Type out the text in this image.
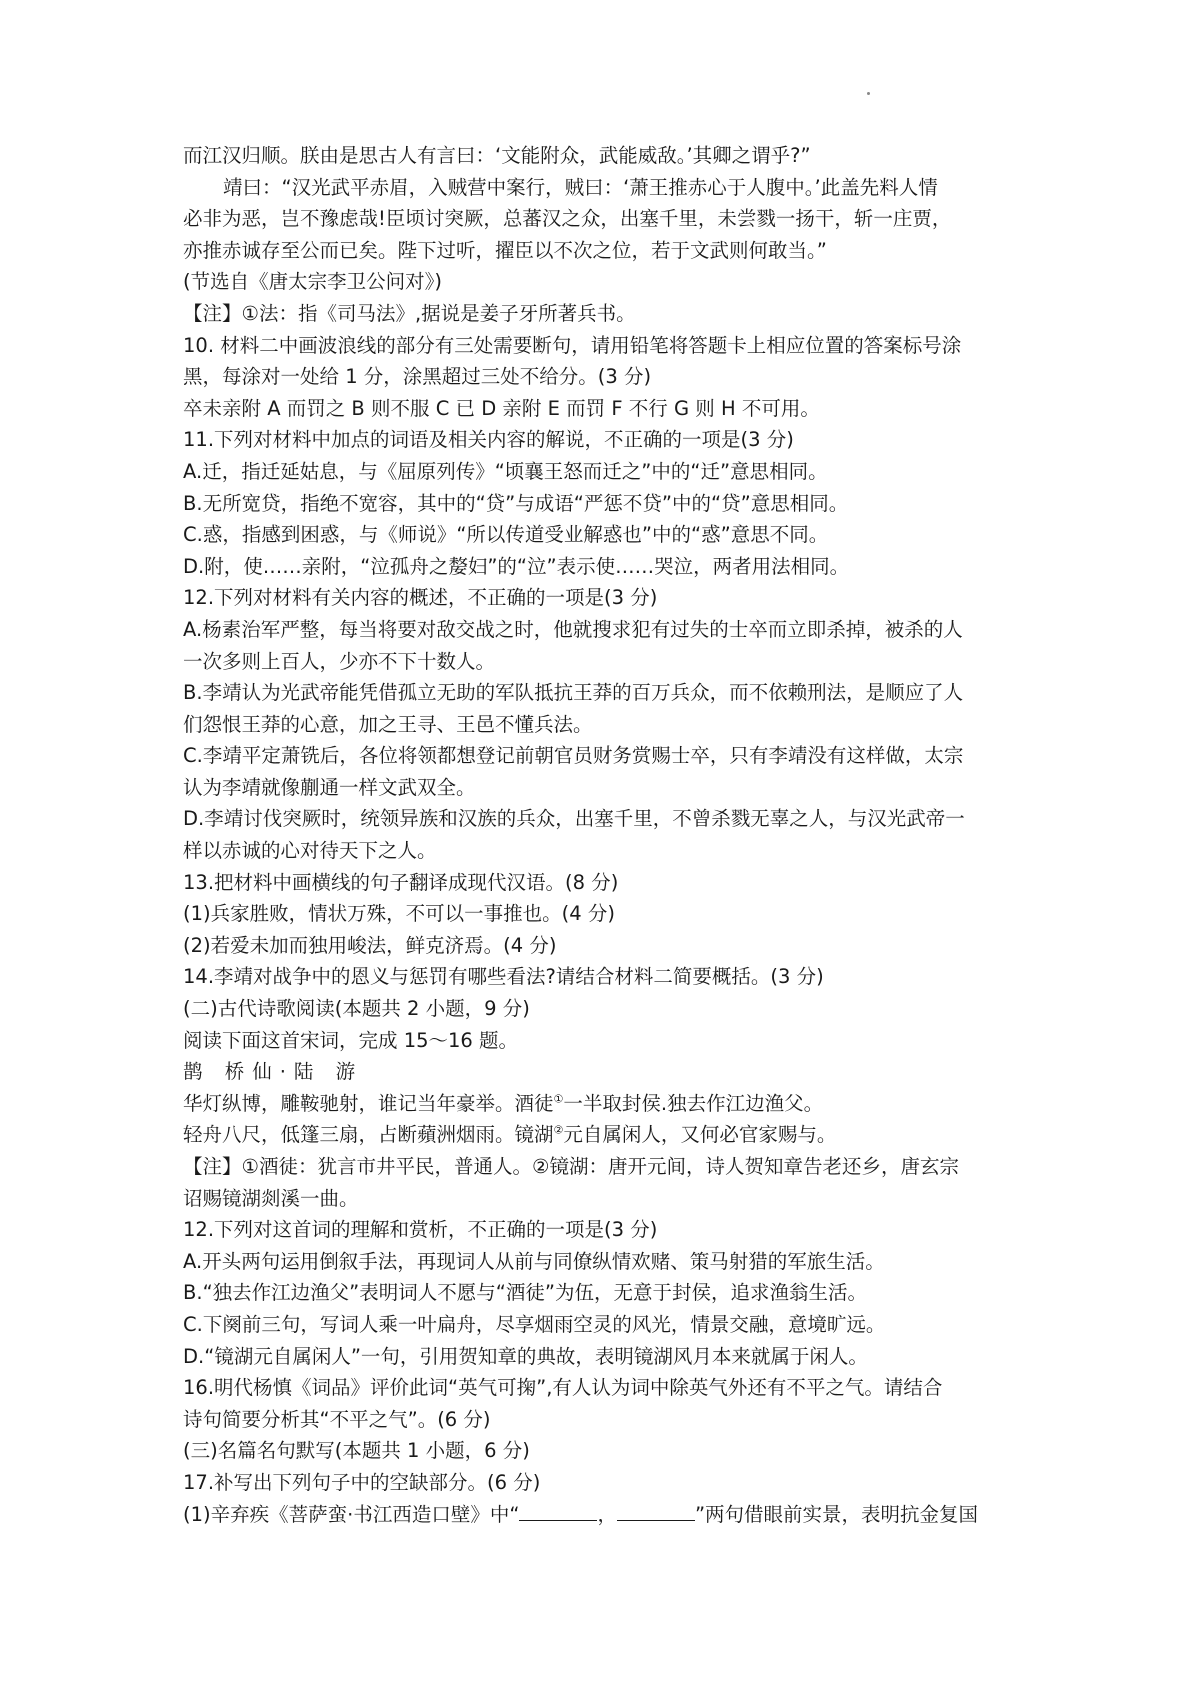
而江汉归顺。朕由是思古人有言曰：‘文能附众，武能威敌。’其卿之谓乎?”
靖曰：“汉光武平赤眉，入贼营中案行，贼曰：‘萧王推赤心于人腹中。’此盖先料人情
必非为恶，岂不豫虑哉!臣顷讨突厥，总蕃汉之众，出塞千里，未尝戮一扬干，斩一庄贾，
亦推赤诚存至公而已矣。陛下过听，擢臣以不次之位，若于文武则何敢当。”
(节选自《唐太宗李卫公问对》)
【注】①法：指《司马法》,据说是姜子牙所著兵书。
10. 材料二中画波浪线的部分有三处需要断句，请用铅笔将答题卡上相应位置的答案标号涂
黑，每涂对一处给 1 分，涂黑超过三处不给分。(3 分)
卒未亲附 A 而罚之 B 则不服 C 已 D 亲附 E 而罚 F 不行 G 则 H 不可用。
11.下列对材料中加点的词语及相关内容的解说，不正确的一项是(3 分)
A.迁，指迁延姑息，与《屈原列传》“顷襄王怒而迁之”中的“迁”意思相同。
B.无所宽贷，指绝不宽容，其中的“贷”与成语“严惩不贷”中的“贷”意思相同。
C.惑，指感到困惑，与《师说》“所以传道受业解惑也”中的“惑”意思不同。
D.附，使……亲附，“泣孤舟之嫠妇”的“泣”表示使……哭泣，两者用法相同。
12.下列对材料有关内容的概述，不正确的一项是(3 分)
A.杨素治军严整，每当将要对敌交战之时，他就搜求犯有过失的士卒而立即杀掉，被杀的人
一次多则上百人，少亦不下十数人。
B.李靖认为光武帝能凭借孤立无助的军队抵抗王莽的百万兵众，而不依赖刑法，是顺应了人
们怨恨王莽的心意，加之王寻、王邑不懂兵法。
C.李靖平定萧铣后，各位将领都想登记前朝官员财务赏赐士卒，只有李靖没有这样做，太宗
认为李靖就像蒯通一样文武双全。
D.李靖讨伐突厥时，统领异族和汉族的兵众，出塞千里，不曾杀戮无辜之人，与汉光武帝一
样以赤诚的心对待天下之人。
13.把材料中画横线的句子翻译成现代汉语。(8 分)
(1)兵家胜败，情状万殊，不可以一事推也。(4 分)
(2)若爱未加而独用峻法，鲜克济焉。(4 分)
14.李靖对战争中的恩义与惩罚有哪些看法?请结合材料二简要概括。(3 分)
(二)古代诗歌阅读(本题共 2 小题，9 分)
阅读下面这首宋词，完成 15～16 题。
鹊 桥仙·陆 游
华灯纵博，雕鞍驰射，谁记当年豪举。酒徒①一半取封侯.独去作江边渔父。
轻舟八尺，低篷三扇，占断蘋洲烟雨。镜湖②元自属闲人，又何必官家赐与。
【注】①酒徒：犹言市井平民，普通人。②镜湖：唐开元间，诗人贺知章告老还乡，唐玄宗
诏赐镜湖剡溪一曲。
12.下列对这首词的理解和赏析，不正确的一项是(3 分)
A.开头两句运用倒叙手法，再现词人从前与同僚纵情欢赌、策马射猎的军旅生活。
B.“独去作江边渔父”表明词人不愿与“酒徒”为伍，无意于封侯，追求渔翁生活。
C.下阕前三句，写词人乘一叶扁舟，尽享烟雨空灵的风光，情景交融，意境旷远。
D.“镜湖元自属闲人”一句，引用贺知章的典故，表明镜湖风月本来就属于闲人。
16.明代杨慎《词品》评价此词“英气可掬”,有人认为词中除英气外还有不平之气。请结合
诗句简要分析其“不平之气”。(6 分)
(三)名篇名句默写(本题共 1 小题，6 分)
17.补写出下列句子中的空缺部分。(6 分)
(1)辛弃疾《菩萨蛮·书江西造口壁》中“	，	”两句借眼前实景，表明抗金复国
